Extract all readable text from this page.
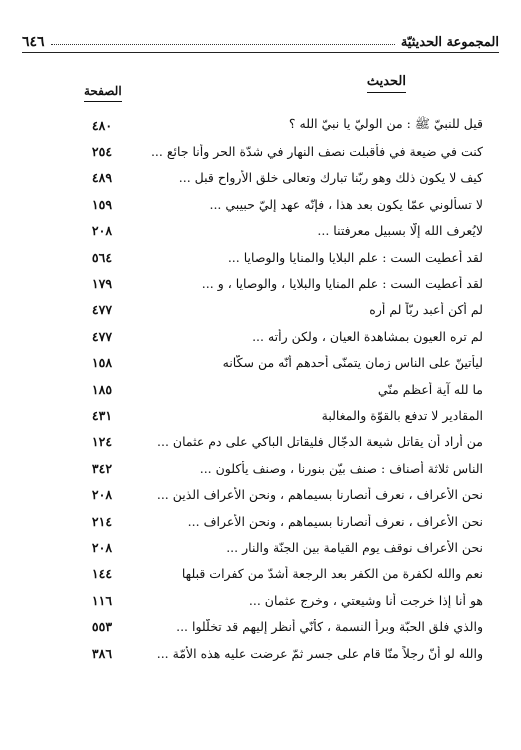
المجموعة الحديثيّة
٦٤٦
الحديث
الصفحة
قيل للنبيّ ﷺ : من الوليّ يا نبيّ الله ؟
٤٨٠
كنت في ضيعة في فأقبلت نصف النهار في شدّة الحر وأنا جائع ...
٢٥٤
كيف لا يكون ذلك وهو ربّنا تبارك وتعالى خلق الأرواح قبل ...
٤٨٩
لا تسألوني عمّا يكون بعد هذا ، فإنّه عهد إليّ حبيبي ...
١٥٩
لايُعرف الله إلّا بسبيل معرفتنا ...
٢٠٨
لقد أُعطيت الست : علم البلايا والمنايا والوصايا ...
٥٦٤
لقد أُعطيت الست : علم المنايا والبلايا ، والوصايا ، و ...
١٧٩
لم أكن أعبد ربّاً لم أره
٤٧٧
لم تره العيون بمشاهدة العيان ، ولكن رأته ...
٤٧٧
ليأتينّ على الناس زمان يتمنّى أحدهم أنّه من سكّانه
١٥٨
ما لله آية أعظم منّي
١٨٥
المقادير لا تدفع بالقوّة والمغالبة
٤٣١
من أراد أن يقاتل شيعة الدجّال فليقاتل الباكي على دم عثمان ...
١٢٤
الناس ثلاثة أصناف : صنف بيّن بنورنا ، وصنف يأكلون ...
٣٤٢
نحن الأعراف ، نعرف أنصارنا بسيماهم ، ونحن الأعراف الذين ...
٢٠٨
نحن الأعراف ، نعرف أنصارنا بسيماهم ، ونحن الأعراف ...
٢١٤
نحن الأعراف نوقف يوم القيامة بين الجنّة والنار ...
٢٠٨
نعم والله لكفرة من الكفر بعد الرجعة أشدّ من كفرات قبلها
١٤٤
هو أنا إذا خرجت أنا وشيعتي ، وخرج عثمان ...
١١٦
والذي فلق الحبّة وبرأ النسمة ، كأنّي أنظر إليهم قد تخلّلوا ...
٥٥٣
والله لو أنّ رجلاً منّا قام على جسر ثمّ عرضت عليه هذه الأُمّة ...
٣٨٦
